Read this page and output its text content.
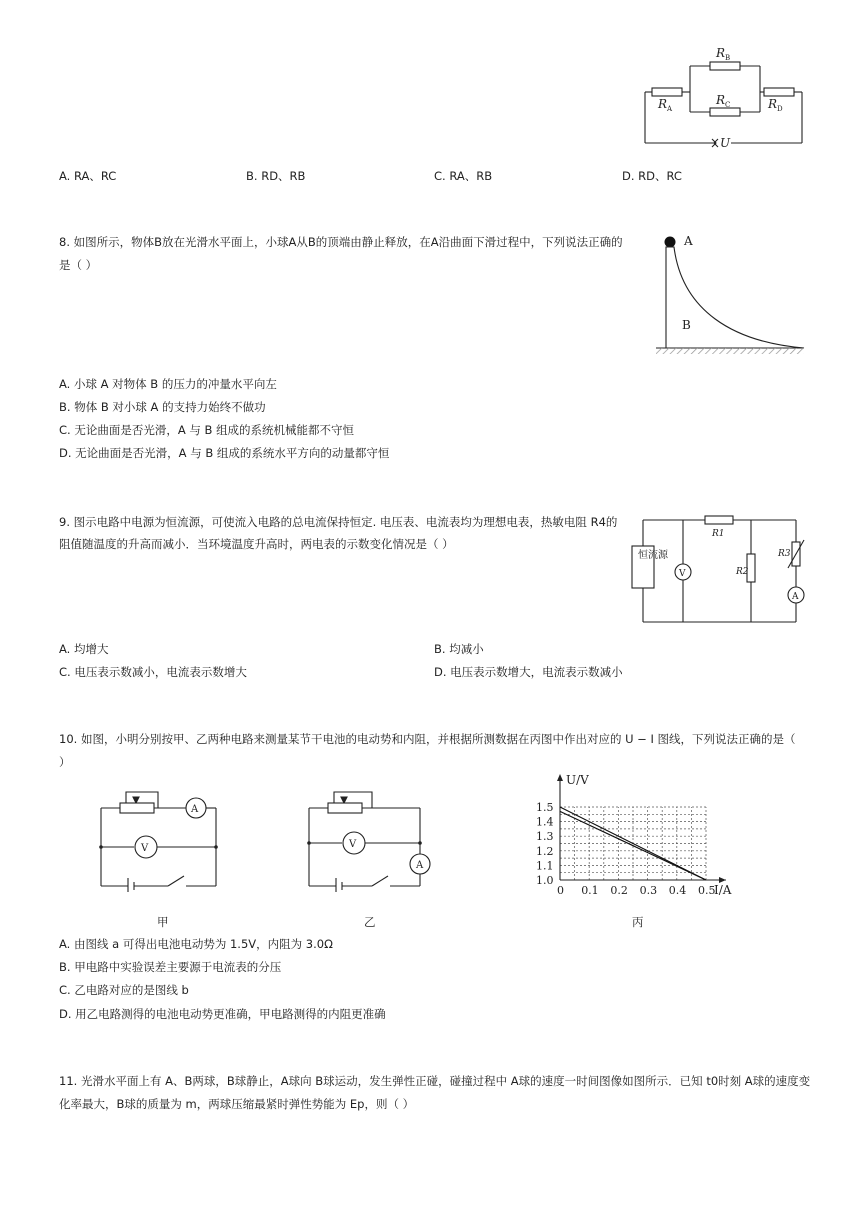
$R_B$
$R_A$
$R_C$	$R_D$
U
A. RA、RC	B. RD、RB	C. RA、RB	D. RD、RC
8. 如图所示，物体B放在光滑水平面上，小球A从B的顶端由静止释放，在A沿曲面下滑过程中，下列说法正确的
是（ ）
A
B
A. 小球 A 对物体 B 的压力的冲量水平向左
B. 物体 B 对小球 A 的支持力始终不做功
C. 无论曲面是否光滑，A 与 B 组成的系统机械能都不守恒
D. 无论曲面是否光滑，A 与 B 组成的系统水平方向的动量都守恒
9. 图示电路中电源为恒流源，可使流入电路的总电流保持恒定. 电压表、电流表均为理想电表，热敏电阻 R4的
阻值随温度的升高而减小．当环境温度升高时，两电表的示数变化情况是（ ）
恒流源
V
A
R1
R2
R3
A. 均增大	B. 均减小
C. 电压表示数减小，电流表示数增大	D. 电压表示数增大，电流表示数减小
10. 如图，小明分别按甲、乙两种电路来测量某节干电池的电动势和内阻，并根据所测数据在丙图中作出对应的 U − I 图线，下列说法正确的是（
）
A
V
A
V
0 0.1 0.2 0.3 0.4 0.5
1.0
1.1
1.2
1.3
1.4
1.5
U/V
I/A
甲	乙	丙
A. 由图线 a 可得出电池电动势为 1.5V，内阻为 3.0Ω
B. 甲电路中实验误差主要源于电流表的分压
C. 乙电路对应的是图线 b
D. 用乙电路测得的电池电动势更准确，甲电路测得的内阻更准确
11. 光滑水平面上有 A、B两球，B球静止，A球向 B球运动，发生弹性正碰，碰撞过程中 A球的速度一时间图像如图所示．已知 t0时刻 A球的速度变
化率最大，B球的质量为 m，两球压缩最紧时弹性势能为 Ep，则（ ）
